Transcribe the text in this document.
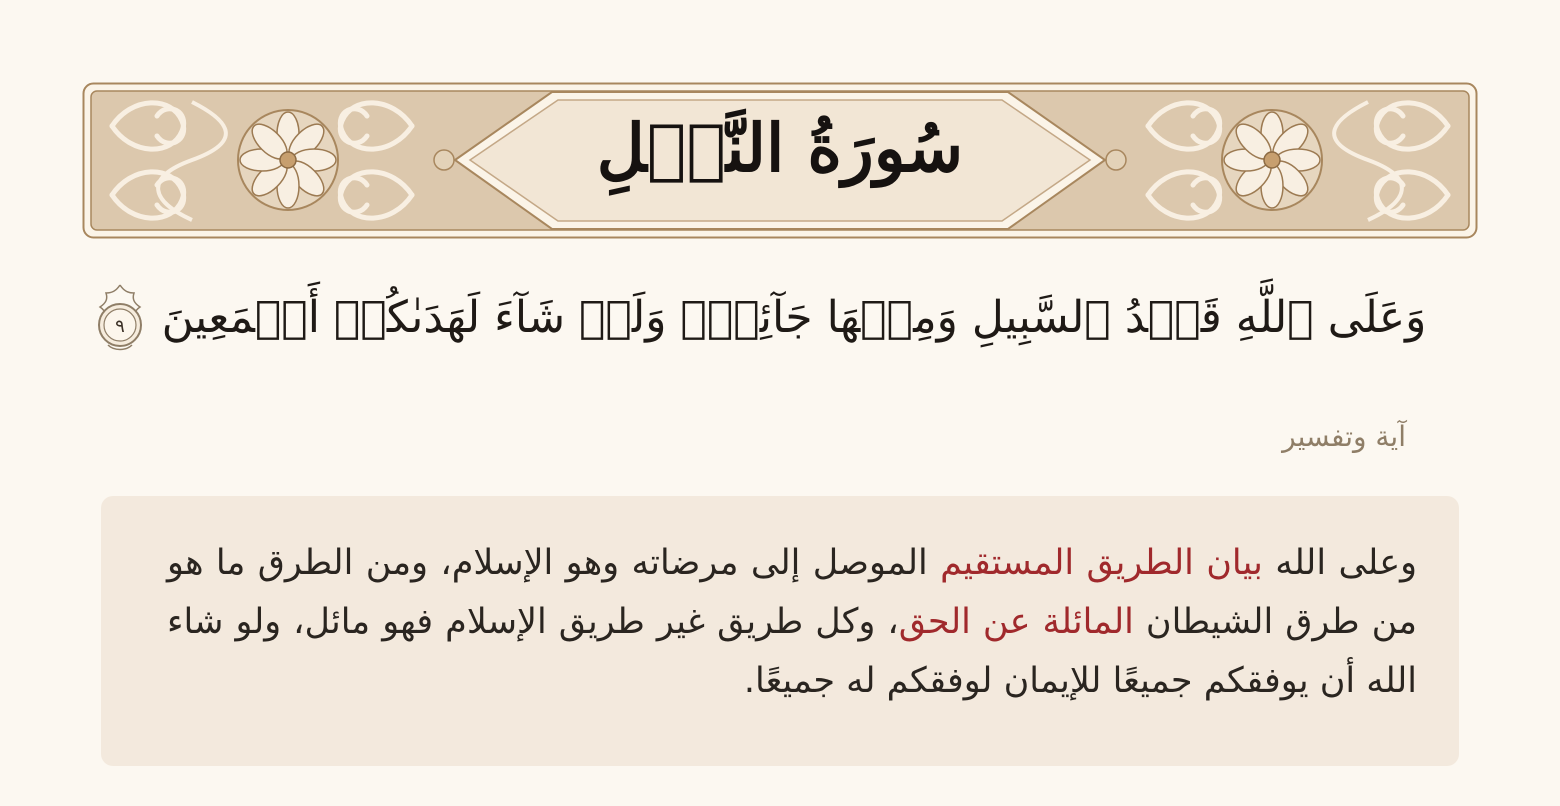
سُورَةُ النَّحۡلِ
وَعَلَى ٱللَّهِ قَصۡدُ ٱلسَّبِيلِ وَمِنۡهَا جَآئِرٞۚ وَلَوۡ شَآءَ لَهَدَىٰكُمۡ أَجۡمَعِينَ
٩
آية وتفسير

وعلى الله بيان الطريق المستقيم الموصل إلى مرضاته وهو الإسلام، ومن الطرق ما هو من طرق الشيطان المائلة عن الحق، وكل طريق غير طريق الإسلام فهو مائل، ولو شاء الله أن يوفقكم جميعًا للإيمان لوفقكم له جميعًا.
